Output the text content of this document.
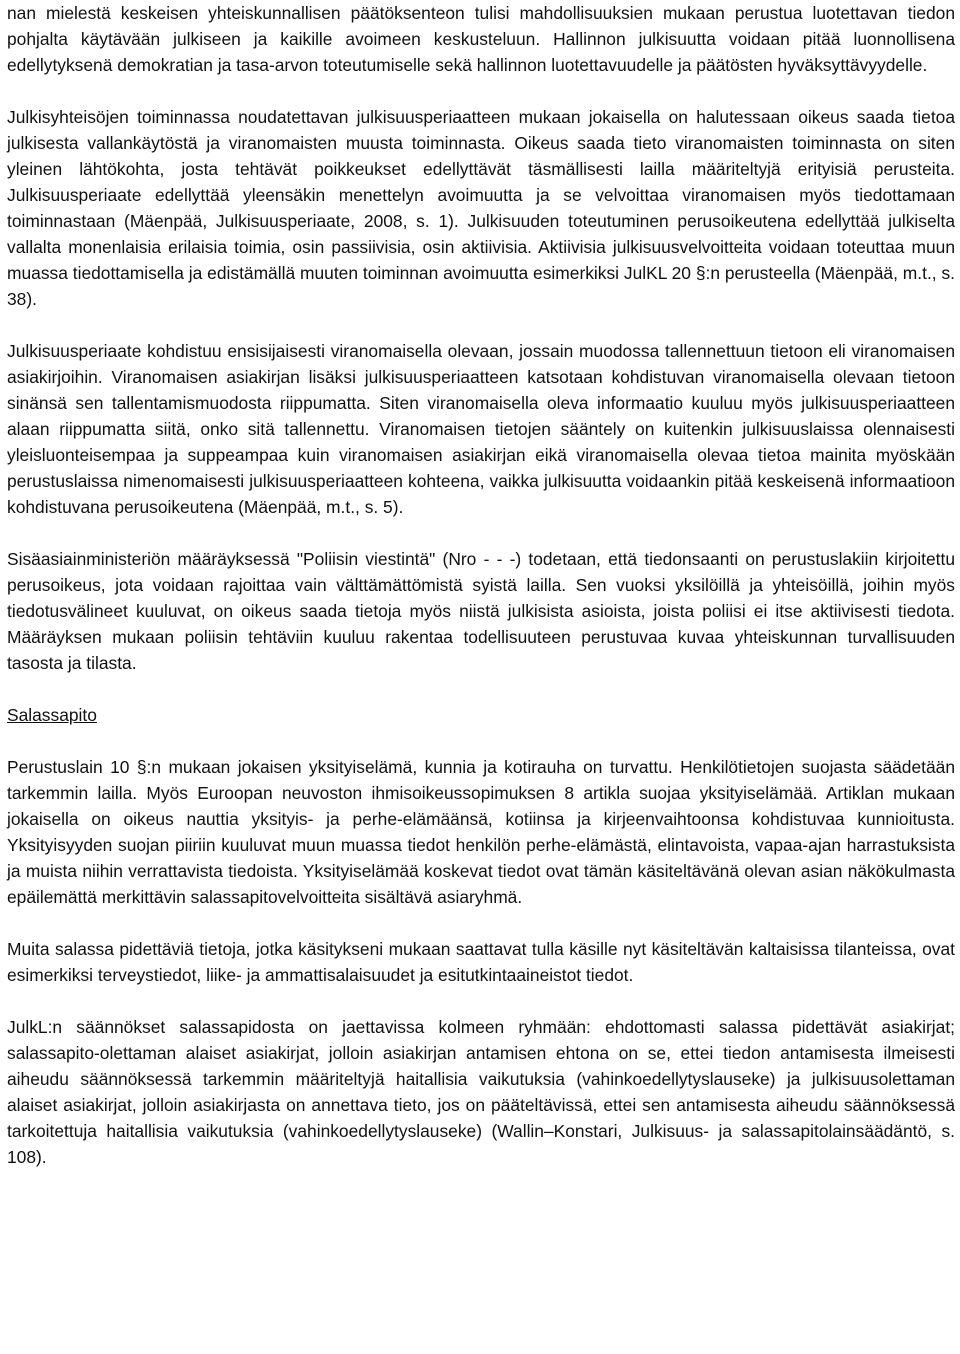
nan mielestä keskeisen yhteiskunnallisen päätöksenteon tulisi mahdollisuuksien mukaan perustua luotettavan tiedon pohjalta käytävään julkiseen ja kaikille avoimeen keskusteluun. Hallinnon julkisuutta voidaan pitää luonnollisena edellytyksenä demokratian ja tasa-arvon toteutumiselle sekä hallinnon luotettavuudelle ja päätösten hyväksyttävyydelle.

Julkisyhteisöjen toiminnassa noudatettavan julkisuusperiaatteen mukaan jokaisella on halutessaan oikeus saada tietoa julkisesta vallankäytöstä ja viranomaisten muusta toiminnasta. Oikeus saada tieto viranomaisten toiminnasta on siten yleinen lähtökohta, josta tehtävät poikkeukset edellyttävät täsmällisesti lailla määriteltyjä erityisiä perusteita. Julkisuusperiaate edellyttää yleensäkin menettelyn avoimuutta ja se velvoittaa viranomaisen myös tiedottamaan toiminnastaan (Mäenpää, Julkisuusperiaate, 2008, s. 1). Julkisuuden toteutuminen perusoikeutena edellyttää julkiselta vallalta monenlaisia erilaisia toimia, osin passiivisia, osin aktiivisia. Aktiivisia julkisuusvelvoitteita voidaan toteuttaa muun muassa tiedottamisella ja edistämällä muuten toiminnan avoimuutta esimerkiksi JulKL 20 §:n perusteella (Mäenpää, m.t., s. 38).

Julkisuusperiaate kohdistuu ensisijaisesti viranomaisella olevaan, jossain muodossa tallennettuun tietoon eli viranomaisen asiakirjoihin. Viranomaisen asiakirjan lisäksi julkisuusperiaatteen katsotaan kohdistuvan viranomaisella olevaan tietoon sinänsä sen tallentamismuodosta riippumatta. Siten viranomaisella oleva informaatio kuuluu myös julkisuusperiaatteen alaan riippumatta siitä, onko sitä tallennettu. Viranomaisen tietojen sääntely on kuitenkin julkisuuslaissa olennaisesti yleisluonteisempaa ja suppeampaa kuin viranomaisen asiakirjan eikä viranomaisella olevaa tietoa mainita myöskään perustuslaissa nimenomaisesti julkisuusperiaatteen kohteena, vaikka julkisuutta voidaankin pitää keskeisenä informaatioon kohdistuvana perusoikeutena (Mäenpää, m.t., s. 5).

Sisäasiainministeriön määräyksessä "Poliisin viestintä" (Nro - - -) todetaan, että tiedonsaanti on perustuslakiin kirjoitettu perusoikeus, jota voidaan rajoittaa vain välttämättömistä syistä lailla. Sen vuoksi yksilöillä ja yhteisöillä, joihin myös tiedotusvälineet kuuluvat, on oikeus saada tietoja myös niistä julkisista asioista, joista poliisi ei itse aktiivisesti tiedota. Määräyksen mukaan poliisin tehtäviin kuuluu rakentaa todellisuuteen perustuvaa kuvaa yhteiskunnan turvallisuuden tasosta ja tilasta.

Salassapito

Perustuslain 10 §:n mukaan jokaisen yksityiselämä, kunnia ja kotirauha on turvattu. Henkilötietojen suojasta säädetään tarkemmin lailla. Myös Euroopan neuvoston ihmisoikeussopimuksen 8 artikla suojaa yksityiselämää. Artiklan mukaan jokaisella on oikeus nauttia yksityis- ja perhe-elämäänsä, kotiinsa ja kirjeenvaihtoonsa kohdistuvaa kunnioitusta. Yksityisyyden suojan piiriin kuuluvat muun muassa tiedot henkilön perhe-elämästä, elintavoista, vapaa-ajan harrastuksista ja muista niihin verrattavista tiedoista. Yksityiselämää koskevat tiedot ovat tämän käsiteltävänä olevan asian näkökulmasta epäilemättä merkittävin salassapitovelvoitteita sisältävä asiaryhmä.

Muita salassa pidettäviä tietoja, jotka käsitykseni mukaan saattavat tulla käsille nyt käsiteltävän kaltaisissa tilanteissa, ovat esimerkiksi terveystiedot, liike- ja ammattisalaisuudet ja esitutkintaaineistot tiedot.

JulkL:n säännökset salassapidosta on jaettavissa kolmeen ryhmään: ehdottomasti salassa pidettävät asiakirjat; salassapito-olettaman alaiset asiakirjat, jolloin asiakirjan antamisen ehtona on se, ettei tiedon antamisesta ilmeisesti aiheudu säännöksessä tarkemmin määriteltyjä haitallisia vaikutuksia (vahinkoedellytyslauseke) ja julkisuusolettaman alaiset asiakirjat, jolloin asiakirjasta on annettava tieto, jos on pääteltävissä, ettei sen antamisesta aiheudu säännöksessä tarkoitettuja haitallisia vaikutuksia (vahinkoedellytyslauseke) (Wallin–Konstari, Julkisuus- ja salassapitolainsäädäntö, s. 108).
